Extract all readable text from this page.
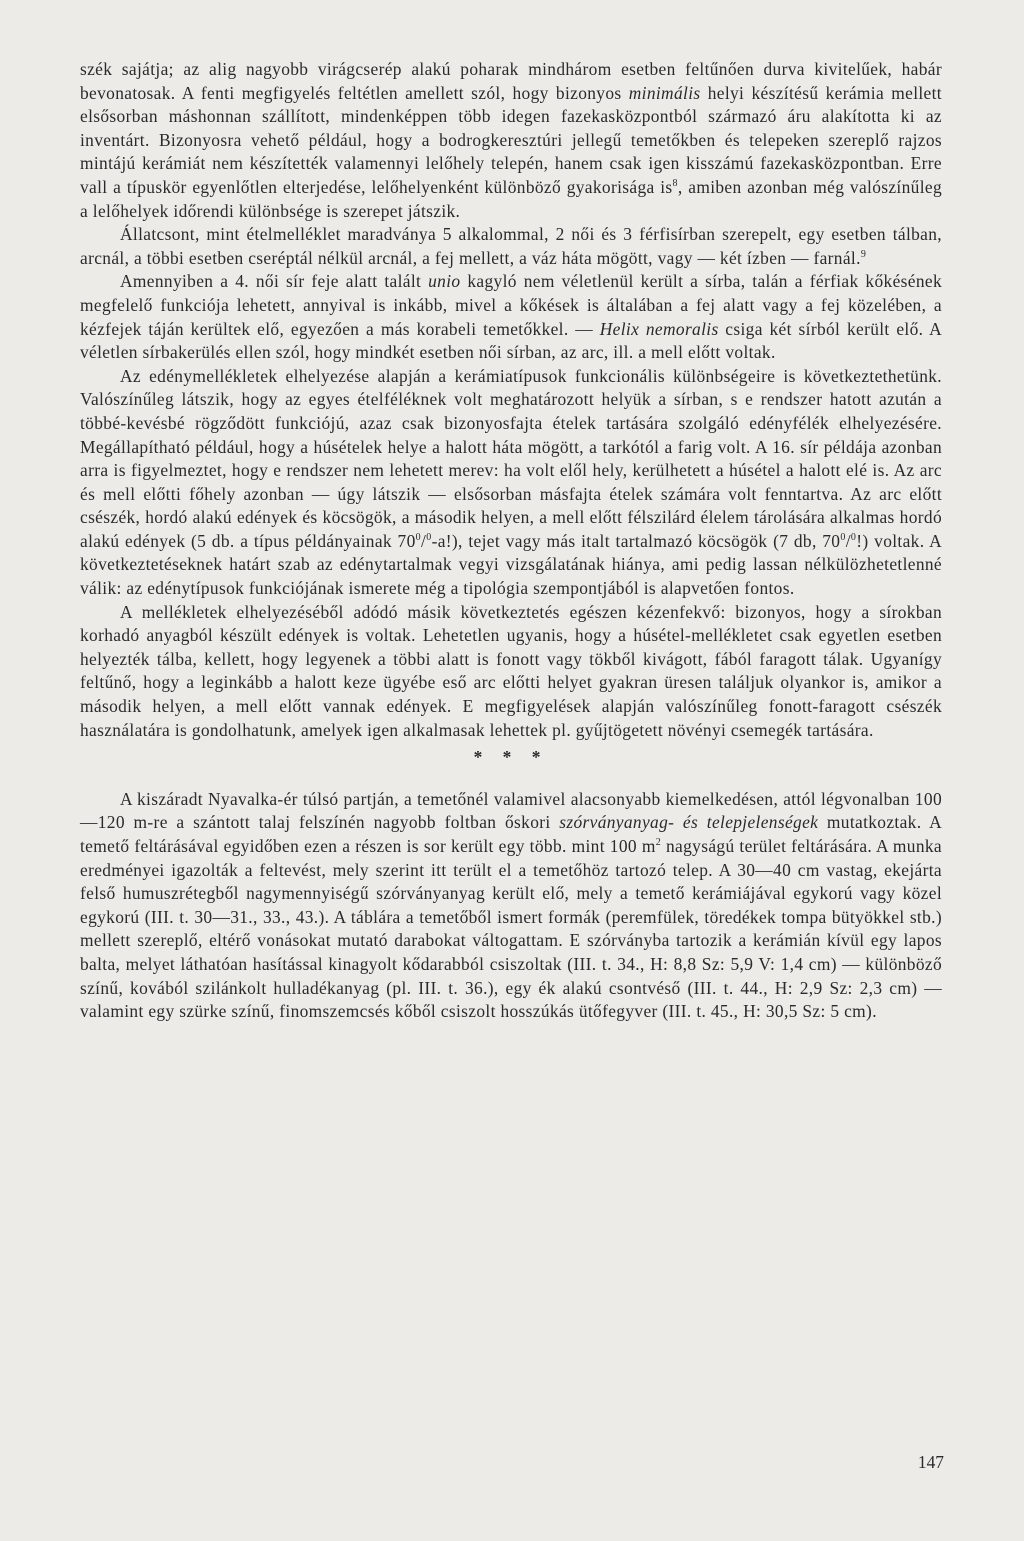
szék sajátja; az alig nagyobb virágcserép alakú poharak mindhárom esetben feltűnően durva kivitelűek, habár bevonatosak. A fenti megfigyelés feltétlen amellett szól, hogy bizonyos minimális helyi készítésű kerámia mellett elsősorban máshonnan szállított, mindenképpen több idegen fazekasközpontból származó áru alakította ki az inventárt. Bizonyosra vehető például, hogy a bodrogkeresztúri jellegű temetőkben és telepeken szereplő rajzos mintájú kerámiát nem készítették valamennyi lelőhely telepén, hanem csak igen kisszámú fazekasközpontban. Erre vall a típuskör egyenlőtlen elterjedése, lelőhelyenként különböző gyakorisága $is^8$, amiben azonban még valószínűleg a lelőhelyek időrendi különbsége is szerepet játszik.

Állatcsont, mint ételmelléklet maradványa 5 alkalommal, 2 női és 3 férfisírban szerepelt, egy esetben tálban, arcnál, a többi esetben cseréptál nélkül arcnál, a fej mellett, a váz háta mögött, vagy — két ízben — farnál.$^9$

Amennyiben a 4. női sír feje alatt talált unio kagyló nem véletlenül került a sírba, talán a férfiak kőkésének megfelelő funkciója lehetett, annyival is inkább, mivel a kőkések is általában a fej alatt vagy a fej közelében, a kézfejek táján kerültek elő, egyezően a más korabeli temetőkkel. — Helix nemoralis csiga két sírból került elő. A véletlen sírbakerülés ellen szól, hogy mindkét esetben női sírban, az arc, ill. a mell előtt voltak.

Az edénymellékletek elhelyezése alapján a kerámiatípusok funkcionális különbségeire is következtethetünk. Valószínűleg látszik, hogy az egyes ételféléknek volt meghatározott helyük a sírban, s e rendszer hatott azután a többé-kevésbé rögződött funkciójú, azaz csak bizonyosfajta ételek tartására szolgáló edényfélék elhelyezésére. Megállapítható például, hogy a húsételek helye a halott háta mögött, a tarkótól a farig volt. A 16. sír példája azonban arra is figyelmeztet, hogy e rendszer nem lehetett merev: ha volt elől hely, kerülhetett a húsétel a halott elé is. Az arc és mell előtti főhely azonban — úgy látszik — elsősorban másfajta ételek számára volt fenntartva. Az arc előtt csészék, hordó alakú edények és köcsögök, a második helyen, a mell előtt félszilárd élelem tárolására alkalmas hordó alakú edények (5 db. a típus példányainak $70^0/^0-a$!), tejet vagy más italt tartalmazó köcsögök (7 db, $70^0/^0$!) voltak. A következtetéseknek határt szab az edénytartalmak vegyi vizsgálatának hiánya, ami pedig lassan nélkülözhetetlenné válik: az edénytípusok funkciójának ismerete még a tipológia szempontjából is alapvetően fontos.

A mellékletek elhelyezéséből adódó másik következtetés egészen kézenfekvő: bizonyos, hogy a sírokban korhadó anyagból készült edények is voltak. Lehetetlen ugyanis, hogy a húsétel-mellékletet csak egyetlen esetben helyezték tálba, kellett, hogy legyenek a többi alatt is fonott vagy tökből kivágott, fából faragott tálak. Ugyanígy feltűnő, hogy a leginkább a halott keze ügyébe eső arc előtti helyet gyakran üresen találjuk olyankor is, amikor a második helyen, a mell előtt vannak edények. E megfigyelések alapján valószínűleg fonott-faragott csészék használatára is gondolhatunk, amelyek igen alkalmasak lehettek pl. gyűjtögetett növényi csemegék tartására.

* * *

A kiszáradt Nyavalka-ér túlsó partján, a temetőnél valamivel alacsonyabb kiemelkedésen, attól légvonalban 100—120 m-re a szántott talaj felszínén nagyobb foltban őskori szórványanyag- és telepjelenségek mutatkoztak. A temető feltárásával egyidőben ezen a részen is sor került egy több. mint 100 $m^2$ nagyságú terület feltárására. A munka eredményei igazolták a feltevést, mely szerint itt terült el a temetőhöz tartozó telep. A 30—40 cm vastag, ekejárta felső humuszrétegből nagymennyiségű szórványanyag került elő, mely a temető kerámiájával egykorú vagy közel egykorú (III. t. 30—31., 33., 43.). A táblára a temetőből ismert formák (peremfülek, töredékek tompa bütyökkel stb.) mellett szereplő, eltérő vonásokat mutató darabokat váltogattam. E szórványba tartozik a kerámián kívül egy lapos balta, melyet láthatóan hasítással kinagyolt kődarabból csiszoltak (III. t. 34., H: 8,8 Sz: 5,9 V: 1,4 cm) — különböző színű, kovából szilánkolt hulladékanyag (pl. III. t. 36.), egy ék alakú csontvéső (III. t. 44., H: 2,9 Sz: 2,3 cm) — valamint egy szürke színű, finomszemcsés kőből csiszolt hosszúkás ütőfegyver (III. t. 45., H: 30,5 Sz: 5 cm).

147
